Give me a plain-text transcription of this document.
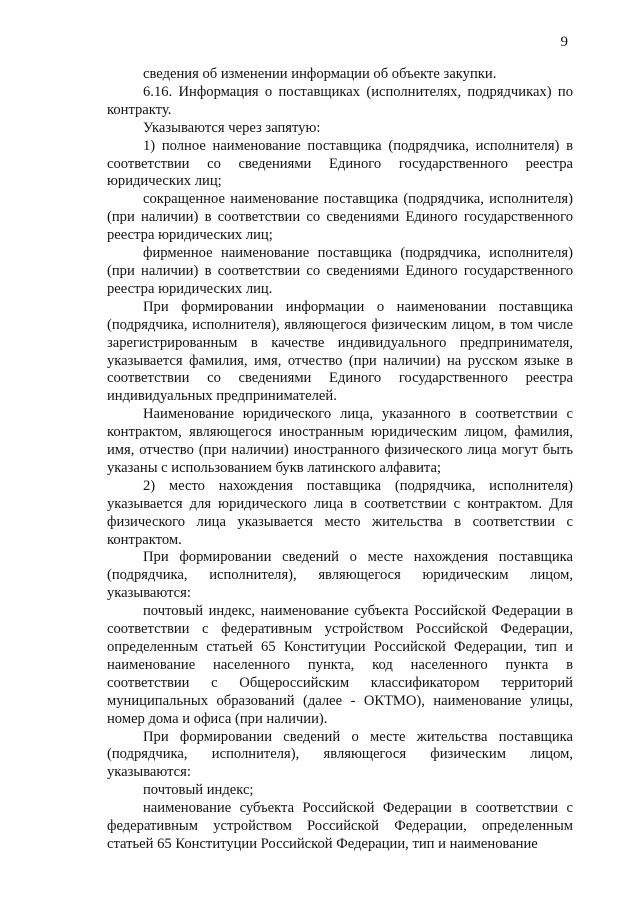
9

сведения об изменении информации об объекте закупки.

6.16. Информация о поставщиках (исполнителях, подрядчиках) по контракту.

Указываются через запятую:

1) полное наименование поставщика (подрядчика, исполнителя) в соответствии со сведениями Единого государственного реестра юридических лиц;

сокращенное наименование поставщика (подрядчика, исполнителя) (при наличии) в соответствии со сведениями Единого государственного реестра юридических лиц;

фирменное наименование поставщика (подрядчика, исполнителя) (при наличии) в соответствии со сведениями Единого государственного реестра юридических лиц.

При формировании информации о наименовании поставщика (подрядчика, исполнителя), являющегося физическим лицом, в том числе зарегистрированным в качестве индивидуального предпринимателя, указывается фамилия, имя, отчество (при наличии) на русском языке в соответствии со сведениями Единого государственного реестра индивидуальных предпринимателей.

Наименование юридического лица, указанного в соответствии с контрактом, являющегося иностранным юридическим лицом, фамилия, имя, отчество (при наличии) иностранного физического лица могут быть указаны с использованием букв латинского алфавита;

2) место нахождения поставщика (подрядчика, исполнителя) указывается для юридического лица в соответствии с контрактом. Для физического лица указывается место жительства в соответствии с контрактом.

При формировании сведений о месте нахождения поставщика (подрядчика, исполнителя), являющегося юридическим лицом, указываются:

почтовый индекс, наименование субъекта Российской Федерации в соответствии с федеративным устройством Российской Федерации, определенным статьей 65 Конституции Российской Федерации, тип и наименование населенного пункта, код населенного пункта в соответствии с Общероссийским классификатором территорий муниципальных образований (далее - ОКТМО), наименование улицы, номер дома и офиса (при наличии).

При формировании сведений о месте жительства поставщика (подрядчика, исполнителя), являющегося физическим лицом, указываются:

почтовый индекс;

наименование субъекта Российской Федерации в соответствии с федеративным устройством Российской Федерации, определенным статьей 65 Конституции Российской Федерации, тип и наименование
